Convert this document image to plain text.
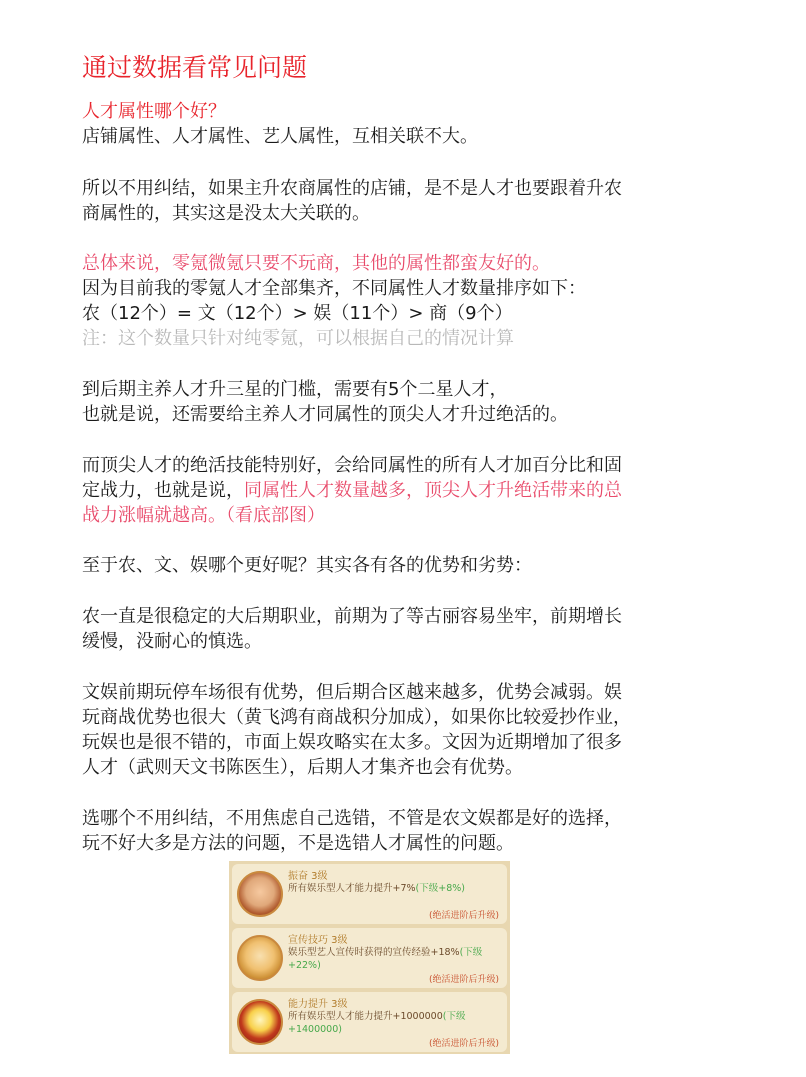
通过数据看常见问题
人才属性哪个好？
店铺属性、人才属性、艺人属性，互相关联不大。
所以不用纠结，如果主升农商属性的店铺，是不是人才也要跟着升农
商属性的，其实这是没太大关联的。
总体来说，零氪微氪只要不玩商，其他的属性都蛮友好的。
因为目前我的零氪人才全部集齐，不同属性人才数量排序如下：
农（12个）= 文（12个）> 娱（11个）> 商（9个）
注：这个数量只针对纯零氪，可以根据自己的情况计算
到后期主养人才升三星的门槛，需要有5个二星人才，
也就是说，还需要给主养人才同属性的顶尖人才升过绝活的。
而顶尖人才的绝活技能特别好，会给同属性的所有人才加百分比和固
定战力，也就是说，同属性人才数量越多，顶尖人才升绝活带来的总
战力涨幅就越高。（看底部图）
至于农、文、娱哪个更好呢？其实各有各的优势和劣势：
农一直是很稳定的大后期职业，前期为了等古丽容易坐牢，前期增长
缓慢，没耐心的慎选。
文娱前期玩停车场很有优势，但后期合区越来越多，优势会减弱。娱
玩商战优势也很大（黄飞鸿有商战积分加成），如果你比较爱抄作业，
玩娱也是很不错的，市面上娱攻略实在太多。文因为近期增加了很多
人才（武则天文书陈医生），后期人才集齐也会有优势。
选哪个不用纠结，不用焦虑自己选错，不管是农文娱都是好的选择，
玩不好大多是方法的问题，不是选错人才属性的问题。
振奋 3级
所有娱乐型人才能力提升+7%(下级+8%)
(绝活进阶后升级)
宣传技巧 3级
娱乐型艺人宣传时获得的宣传经验+18%(下级+22%)
(绝活进阶后升级)
能力提升 3级
所有娱乐型人才能力提升+1000000(下级+1400000)
(绝活进阶后升级)
